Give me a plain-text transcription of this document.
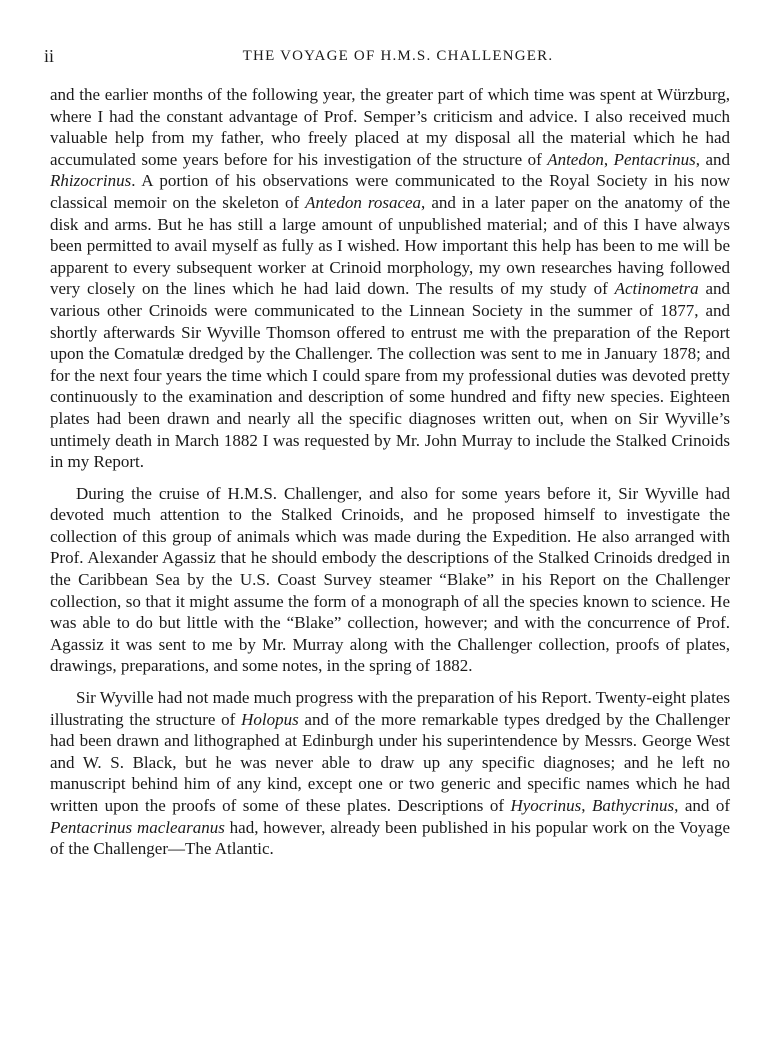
ii	THE VOYAGE OF H.M.S. CHALLENGER.

and the earlier months of the following year, the greater part of which time was spent at Würzburg, where I had the constant advantage of Prof. Semper’s criticism and advice. I also received much valuable help from my father, who freely placed at my disposal all the material which he had accumulated some years before for his investigation of the structure of Antedon, Pentacrinus, and Rhizocrinus. A portion of his observations were communicated to the Royal Society in his now classical memoir on the skeleton of Antedon rosacea, and in a later paper on the anatomy of the disk and arms. But he has still a large amount of unpublished material; and of this I have always been permitted to avail myself as fully as I wished. How important this help has been to me will be apparent to every subsequent worker at Crinoid morphology, my own researches having followed very closely on the lines which he had laid down. The results of my study of Actinometra and various other Crinoids were communicated to the Linnean Society in the summer of 1877, and shortly afterwards Sir Wyville Thomson offered to entrust me with the preparation of the Report upon the Comatulæ dredged by the Challenger. The collection was sent to me in January 1878; and for the next four years the time which I could spare from my professional duties was devoted pretty continuously to the examination and description of some hundred and fifty new species. Eighteen plates had been drawn and nearly all the specific diagnoses written out, when on Sir Wyville’s untimely death in March 1882 I was requested by Mr. John Murray to include the Stalked Crinoids in my Report.

During the cruise of H.M.S. Challenger, and also for some years before it, Sir Wyville had devoted much attention to the Stalked Crinoids, and he proposed himself to investigate the collection of this group of animals which was made during the Expedition. He also arranged with Prof. Alexander Agassiz that he should embody the descriptions of the Stalked Crinoids dredged in the Caribbean Sea by the U.S. Coast Survey steamer “Blake” in his Report on the Challenger collection, so that it might assume the form of a monograph of all the species known to science. He was able to do but little with the “Blake” collection, however; and with the concurrence of Prof. Agassiz it was sent to me by Mr. Murray along with the Challenger collection, proofs of plates, drawings, preparations, and some notes, in the spring of 1882.

Sir Wyville had not made much progress with the preparation of his Report. Twenty-eight plates illustrating the structure of Holopus and of the more remarkable types dredged by the Challenger had been drawn and lithographed at Edinburgh under his superintendence by Messrs. George West and W. S. Black, but he was never able to draw up any specific diagnoses; and he left no manuscript behind him of any kind, except one or two generic and specific names which he had written upon the proofs of some of these plates. Descriptions of Hyocrinus, Bathycrinus, and of Pentacrinus maclearanus had, however, already been published in his popular work on the Voyage of the Challenger—The Atlantic.
